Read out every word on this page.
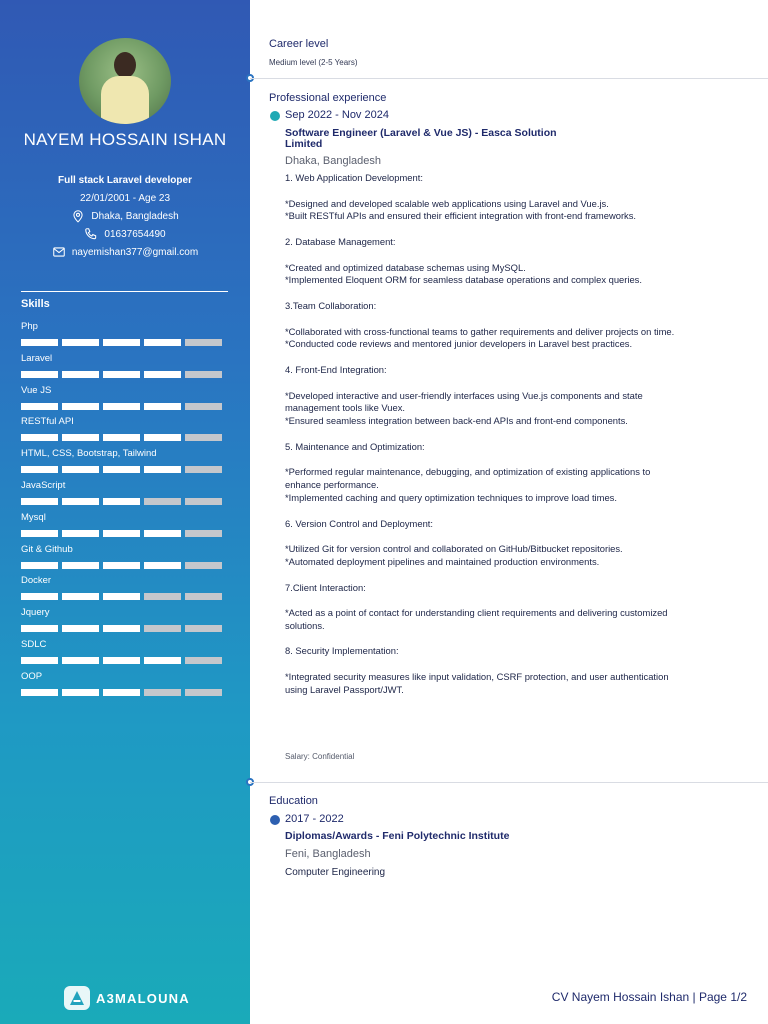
NAYEM HOSSAIN ISHAN
Full stack Laravel developer
22/01/2001 - Age 23
Dhaka, Bangladesh
01637654490
nayemishan377@gmail.com
Skills
Php
Laravel
Vue JS
RESTful API
HTML, CSS, Bootstrap, Tailwind
JavaScript
Mysql
Git & Github
Docker
Jquery
SDLC
OOP
A3MALOUNA
Career level
Medium level (2-5 Years)
Professional experience
Sep 2022 - Nov 2024
Software Engineer (Laravel & Vue JS) - Easca Solution Limited
Dhaka, Bangladesh
1. Web Application Development:

*Designed and developed scalable web applications using Laravel and Vue.js.
*Built RESTful APIs and ensured their efficient integration with front-end frameworks.

2. Database Management:

*Created and optimized database schemas using MySQL.
*Implemented Eloquent ORM for seamless database operations and complex queries.

3.Team Collaboration:

*Collaborated with cross-functional teams to gather requirements and deliver projects on time.
*Conducted code reviews and mentored junior developers in Laravel best practices.

4. Front-End Integration:

*Developed interactive and user-friendly interfaces using Vue.js components and state management tools like Vuex.
*Ensured seamless integration between back-end APIs and front-end components.

5. Maintenance and Optimization:

*Performed regular maintenance, debugging, and optimization of existing applications to enhance performance.
*Implemented caching and query optimization techniques to improve load times.

6. Version Control and Deployment:

*Utilized Git for version control and collaborated on GitHub/Bitbucket repositories.
*Automated deployment pipelines and maintained production environments.

7.Client Interaction:

*Acted as a point of contact for understanding client requirements and delivering customized solutions.

8. Security Implementation:

*Integrated security measures like input validation, CSRF protection, and user authentication using Laravel Passport/JWT.
Salary: Confidential
Education
2017 - 2022
Diplomas/Awards - Feni Polytechnic Institute
Feni, Bangladesh
Computer Engineering
CV Nayem Hossain Ishan | Page 1/2
